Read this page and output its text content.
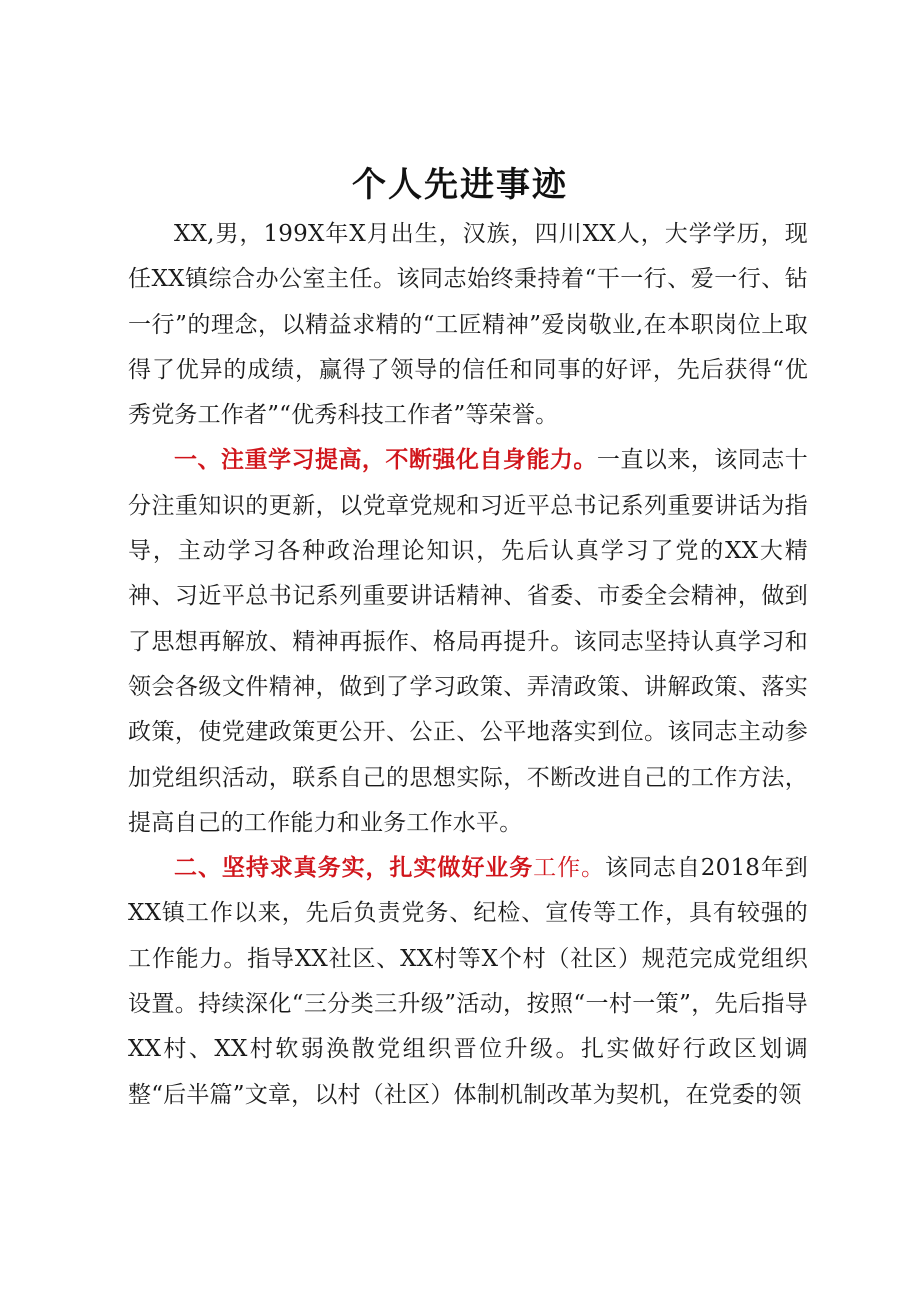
个人先进事迹

XX,男，199X年X月出生，汉族，四川XX人，大学学历，现任XX镇综合办公室主任。该同志始终秉持着“干一行、爱一行、钻一行”的理念，以精益求精的“工匠精神”爱岗敬业,在本职岗位上取得了优异的成绩，赢得了领导的信任和同事的好评，先后获得“优秀党务工作者”“优秀科技工作者”等荣誉。

一、注重学习提高，不断强化自身能力。一直以来，该同志十分注重知识的更新，以党章党规和习近平总书记系列重要讲话为指导，主动学习各种政治理论知识，先后认真学习了党的XX大精神、习近平总书记系列重要讲话精神、省委、市委全会精神，做到了思想再解放、精神再振作、格局再提升。该同志坚持认真学习和领会各级文件精神，做到了学习政策、弄清政策、讲解政策、落实政策，使党建政策更公开、公正、公平地落实到位。该同志主动参加党组织活动，联系自己的思想实际，不断改进自己的工作方法，提高自己的工作能力和业务工作水平。

二、坚持求真务实，扎实做好业务工作。该同志自2018年到XX镇工作以来，先后负责党务、纪检、宣传等工作，具有较强的工作能力。指导XX社区、XX村等X个村（社区）规范完成党组织设置。持续深化“三分类三升级”活动，按照“一村一策”，先后指导XX村、XX村软弱涣散党组织晋位升级。扎实做好行政区划调整“后半篇”文章，以村（社区）体制机制改革为契机，在党委的领
